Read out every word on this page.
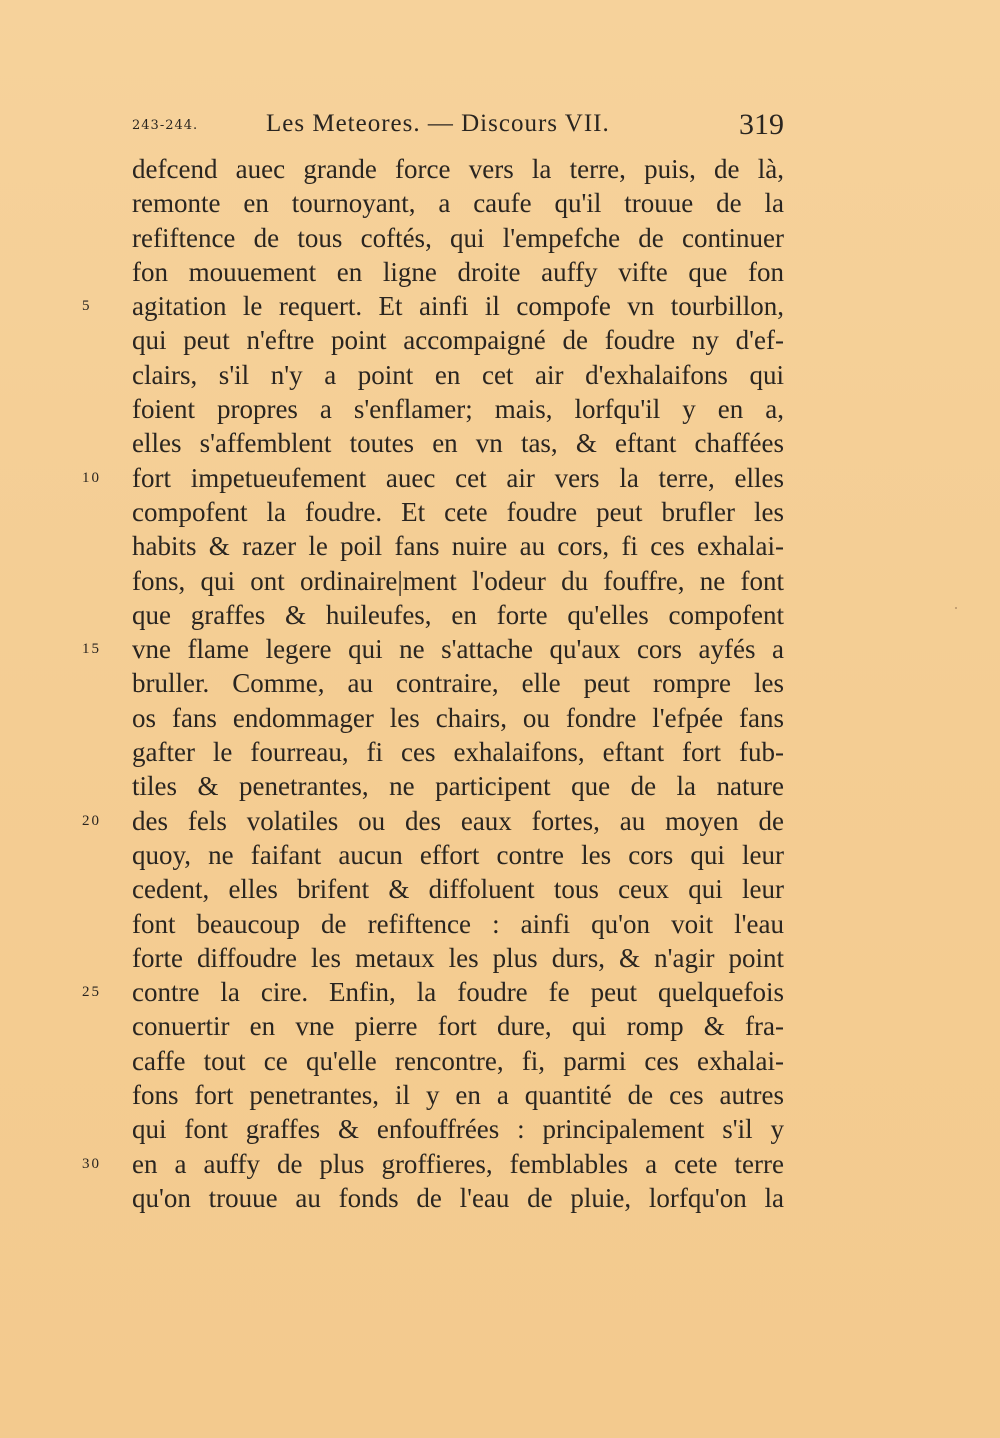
243-244.	Les Meteores. — Discours VII.	319
defcend auec grande force vers la terre, puis, de là,
remonte en tournoyant, a caufe qu'il trouue de la
refiftence de tous coftés, qui l'empefche de continuer
fon mouuement en ligne droite auffy vifte que fon
5	agitation le requert. Et ainfi il compofe vn tourbillon,
qui peut n'eftre point accompaigné de foudre ny d'ef-
clairs, s'il n'y a point en cet air d'exhalaifons qui
foient propres a s'enflamer; mais, lorfqu'il y en a,
elles s'affemblent toutes en vn tas, & eftant chaffées
10	fort impetueufement auec cet air vers la terre, elles
compofent la foudre. Et cete foudre peut brufler les
habits & razer le poil fans nuire au cors, fi ces exhalai-
fons, qui ont ordinaire|ment l'odeur du fouffre, ne font
que graffes & huileufes, en forte qu'elles compofent
15	vne flame legere qui ne s'attache qu'aux cors ayfés a
bruller. Comme, au contraire, elle peut rompre les
os fans endommager les chairs, ou fondre l'efpée fans
gafter le fourreau, fi ces exhalaifons, eftant fort fub-
tiles & penetrantes, ne participent que de la nature
20	des fels volatiles ou des eaux fortes, au moyen de
quoy, ne faifant aucun effort contre les cors qui leur
cedent, elles brifent & diffoluent tous ceux qui leur
font beaucoup de refiftence : ainfi qu'on voit l'eau
forte diffoudre les metaux les plus durs, & n'agir point
25	contre la cire. Enfin, la foudre fe peut quelquefois
conuertir en vne pierre fort dure, qui romp & fra-
caffe tout ce qu'elle rencontre, fi, parmi ces exhalai-
fons fort penetrantes, il y en a quantité de ces autres
qui font graffes & enfouffrées : principalement s'il y
30	en a auffy de plus groffieres, femblables a cete terre
qu'on trouue au fonds de l'eau de pluie, lorfqu'on la
